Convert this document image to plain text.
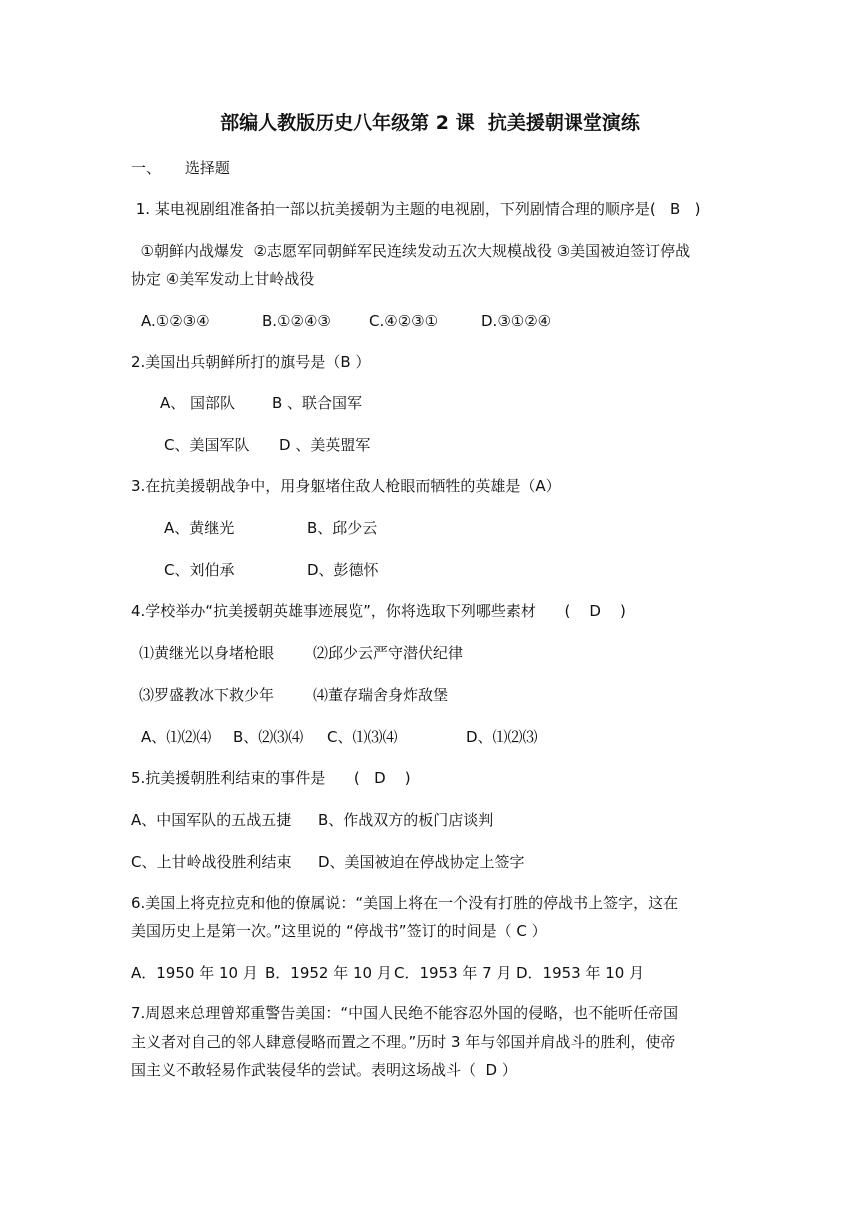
部编人教版历史八年级第 2 课  抗美援朝课堂演练
一、     选择题
1. 某电视剧组准备拍一部以抗美援朝为主题的电视剧，下列剧情合理的顺序是(   B   )
①朝鲜内战爆发  ②志愿军同朝鲜军民连续发动五次大规模战役 ③美国被迫签订停战
协定 ④美军发动上甘岭战役
A.①②③④	B.①②④③	C.④②③①	D.③①②④
2.美国出兵朝鲜所打的旗号是（B ）
A、 国部队 B 、联合国军
C、美国军队 D 、美英盟军
3.在抗美援朝战争中，用身躯堵住敌人枪眼而牺牲的英雄是（A）
A、黄继光	B、邱少云
C、刘伯承	D、彭德怀
4.学校举办“抗美援朝英雄事迹展览”，你将选取下列哪些素材      (    D    )
⑴黄继光以身堵枪眼	⑵邱少云严守潜伏纪律
⑶罗盛教冰下救少年	⑷董存瑞舍身炸敌堡
A、⑴⑵⑷ B、⑵⑶⑷ C、⑴⑶⑷	D、⑴⑵⑶
5.抗美援朝胜利结束的事件是      (   D    )
A、中国军队的五战五捷 B、作战双方的板门店谈判
C、上甘岭战役胜利结束 D、美国被迫在停战协定上签字
6.美国上将克拉克和他的僚属说：“美国上将在一个没有打胜的停战书上签字，这在
美国历史上是第一次。”这里说的 “停战书”签订的时间是（ C ）
A．1950 年 10 月 B．1952 年 10 月 C．1953 年 7 月 D．1953 年 10 月
7.周恩来总理曾郑重警告美国：“中国人民绝不能容忍外国的侵略，也不能听任帝国
主义者对自己的邻人肆意侵略而置之不理。”历时 3 年与邻国并肩战斗的胜利，使帝
国主义不敢轻易作武装侵华的尝试。表明这场战斗（  D ）
